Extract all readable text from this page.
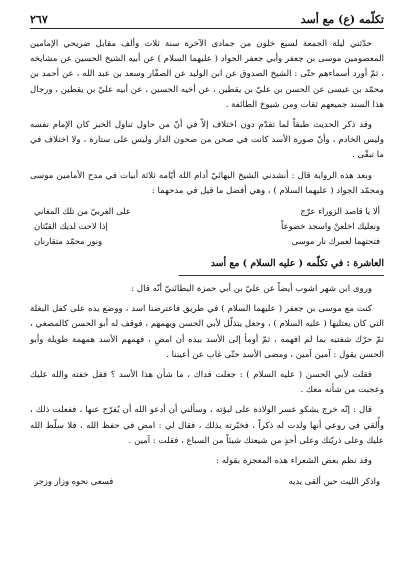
تكلّمه (ع) مع أسد
٢٦٧

حدّثني ليلة الجمعة لسبع خلون من جمادى الآخرة سنة ثلاث وألف مقابل ضريحي الإمامين المعصومين موسى بن جعفر وأبي جعفر الجواد ( عليهما السلام ) عن أبيه الشيخ الحسين عن مشايخه ، ثمّ أورد أسماءهم حتّى : الشيخ الصدوق عن ابن الوليد عن الصفّار وسعد بن عبد الله ، عن أحمد بن محمّد بن عيسى عن الحسن بن عليّ بن يقطين ، عن أخيه الحسين ، عن أبيه عليّ بن يقطين ، ورجال هذا السند جميعهم ثقات ومن شيوخ الطائفة .

وقد ذكر الحديث طبقاً لما تقدّم دون اختلاف إلاّ في أنّ من حاول تناول الخبز كان الإمام نفسه وليس الخادم ، وأنّ صورة الأسد كانت في صحن من صحون الدار وليس على ستارة ، ولا اختلاف في ما تبقّى .

وبعد هذه الرواية قال : أنشدني الشيخ البهائيّ أدام الله أيّامه ثلاثة أبيات في مدح الأمامين موسى ومحمّد الجواد ( عليهما السلام ) ، وهي أفضل ما قيل في مدحهما :

ألا يا قاصد الزوراء عرّج
على الغربيّ من تلك المغاني
ونعليك اخلعنْ واسجد خضوعاً
إذا لاحت لديك القبّتان
فتحتهما لعمرك نار موسى
ونور محمّد متقارنان
العاشرة : في تكلّمه ( عليه السلام ) مع أسد

وروى ابن شهر اشوب أيضاً عن عليّ بن أبي حمزة البطائنيّ أنّه قال :

كنت مع موسى بن جعفر ( عليهما السلام ) في طريق فاعترضنا اسد ، ووضع يده على كفل البغلة التي كان يعتليها ( عليه السلام ) ، وجعل يتذلّل لأبي الحسن ويهمهم ، فوقف له أبو الحسن كالمصغي ، ثمّ حرّك شفتيه بما لم افهمه ، ثمّ أومأ إلى الأسد بيده أن امضِ ، فهمهم الأسد همهمة طويلة وأبو الحسن يقول : آمين آمين ، ومضى الأسد حتّى غاب عن أعيننا .

فقلت لأبي الحسن ( عليه السلام ) : جعلت فداك ، ما شأن هذا الأسد ؟ فقل خفته والله عليك وعجبت من شأنه معك .

قال : إنّه خرج يشكو عسر الولادة على لبؤته ، وسألني أن أدعو الله أن يُفرّج عنها ، ففعلت ذلك ، وأُلقي في روعي أنها ولدت له ذكراً ، فخبّرته بذلك ، فقال لي : امض في حفظ الله ، فلا سلّط الله عليك وعلى ذريّتك وعلى أحدٍ من شيعتك شيئاً من السباع ، فقلت : آمين .

وقد نظم بعض الشعراء هذه المعجزة بقوله :

واذكر الليث حين ألقى يديه
فسعى نحوه وزار وزجر
